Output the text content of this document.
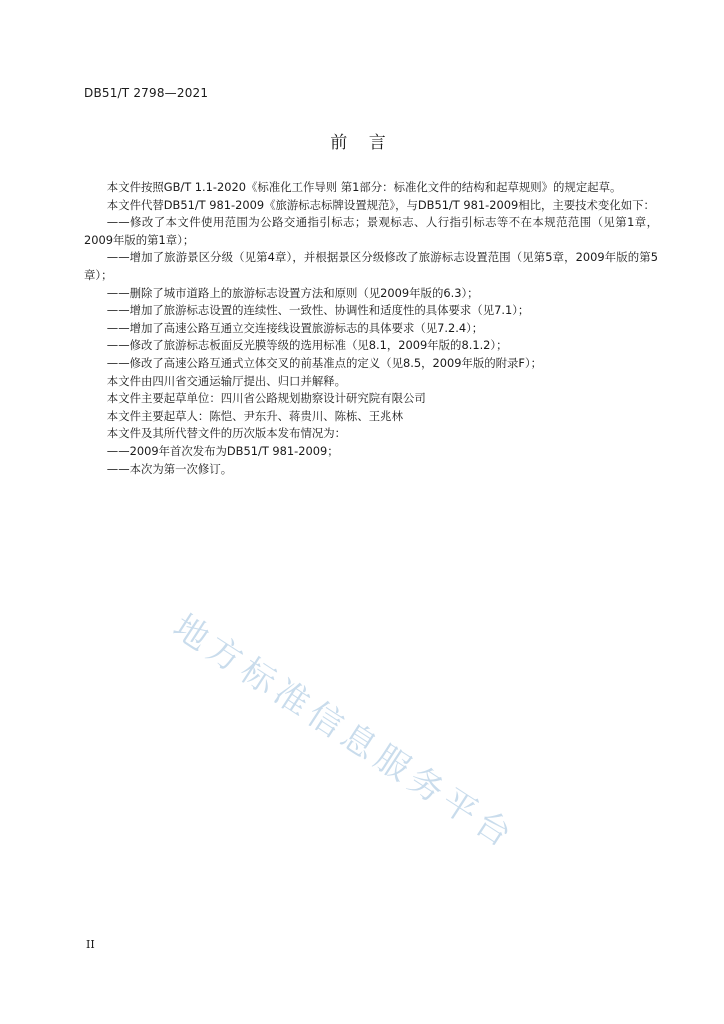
DB51/T 2798—2021
前 言

本文件按照GB/T 1.1-2020《标准化工作导则 第1部分：标准化文件的结构和起草规则》的规定起草。

本文件代替DB51/T 981-2009《旅游标志标牌设置规范》，与DB51/T 981-2009相比，主要技术变化如下：

——修改了本文件使用范围为公路交通指引标志；景观标志、人行指引标志等不在本规范范围（见第1章，2009年版的第1章）；

——增加了旅游景区分级（见第4章），并根据景区分级修改了旅游标志设置范围（见第5章，2009年版的第5章）；

——删除了城市道路上的旅游标志设置方法和原则（见2009年版的6.3）；

——增加了旅游标志设置的连续性、一致性、协调性和适度性的具体要求（见7.1）；

——增加了高速公路互通立交连接线设置旅游标志的具体要求（见7.2.4）；

——修改了旅游标志板面反光膜等级的选用标准（见8.1，2009年版的8.1.2）；

——修改了高速公路互通式立体交叉的前基准点的定义（见8.5，2009年版的附录F）；

本文件由四川省交通运输厅提出、归口并解释。

本文件主要起草单位：四川省公路规划勘察设计研究院有限公司

本文件主要起草人：陈恺、尹东升、蒋贵川、陈栋、王兆林

本文件及其所代替文件的历次版本发布情况为：

——2009年首次发布为DB51/T 981-2009；

——本次为第一次修订。

地方标准信息服务平台
II
